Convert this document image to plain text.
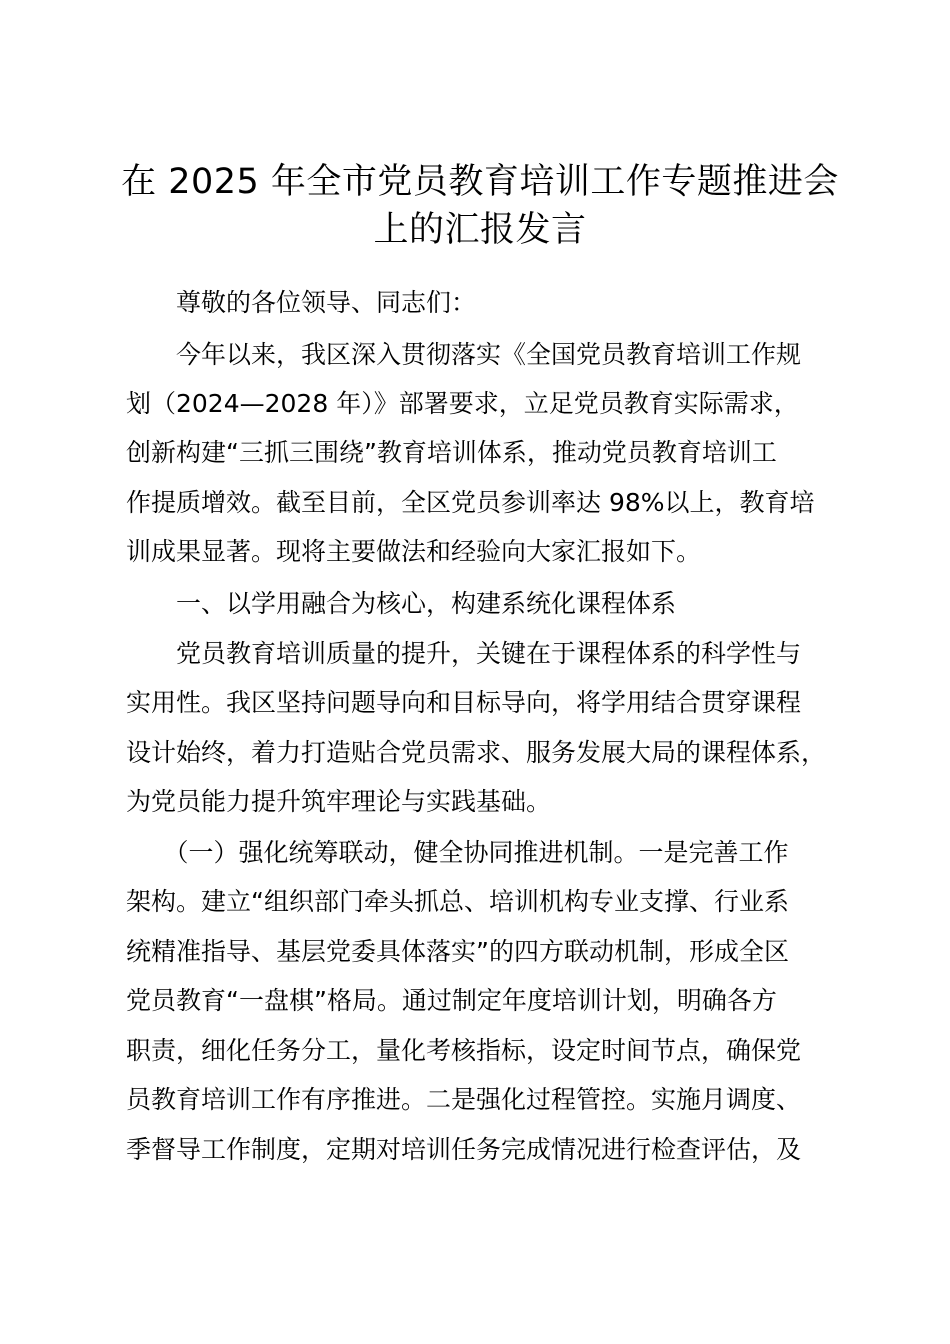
在 2025 年全市党员教育培训工作专题推进会
上的汇报发言

　　尊敬的各位领导、同志们：

　　今年以来，我区深入贯彻落实《全国党员教育培训工作规

划（2024—2028 年）》部署要求，立足党员教育实际需求，

创新构建“三抓三围绕”教育培训体系，推动党员教育培训工

作提质增效。截至目前，全区党员参训率达 98%以上，教育培

训成果显著。现将主要做法和经验向大家汇报如下。

　　一、以学用融合为核心，构建系统化课程体系

　　党员教育培训质量的提升，关键在于课程体系的科学性与

实用性。我区坚持问题导向和目标导向，将学用结合贯穿课程

设计始终，着力打造贴合党员需求、服务发展大局的课程体系，

为党员能力提升筑牢理论与实践基础。

　　（一）强化统筹联动，健全协同推进机制。一是完善工作

架构。建立“组织部门牵头抓总、培训机构专业支撑、行业系

统精准指导、基层党委具体落实”的四方联动机制，形成全区

党员教育“一盘棋”格局。通过制定年度培训计划，明确各方

职责，细化任务分工，量化考核指标，设定时间节点，确保党

员教育培训工作有序推进。二是强化过程管控。实施月调度、

季督导工作制度，定期对培训任务完成情况进行检查评估，及
